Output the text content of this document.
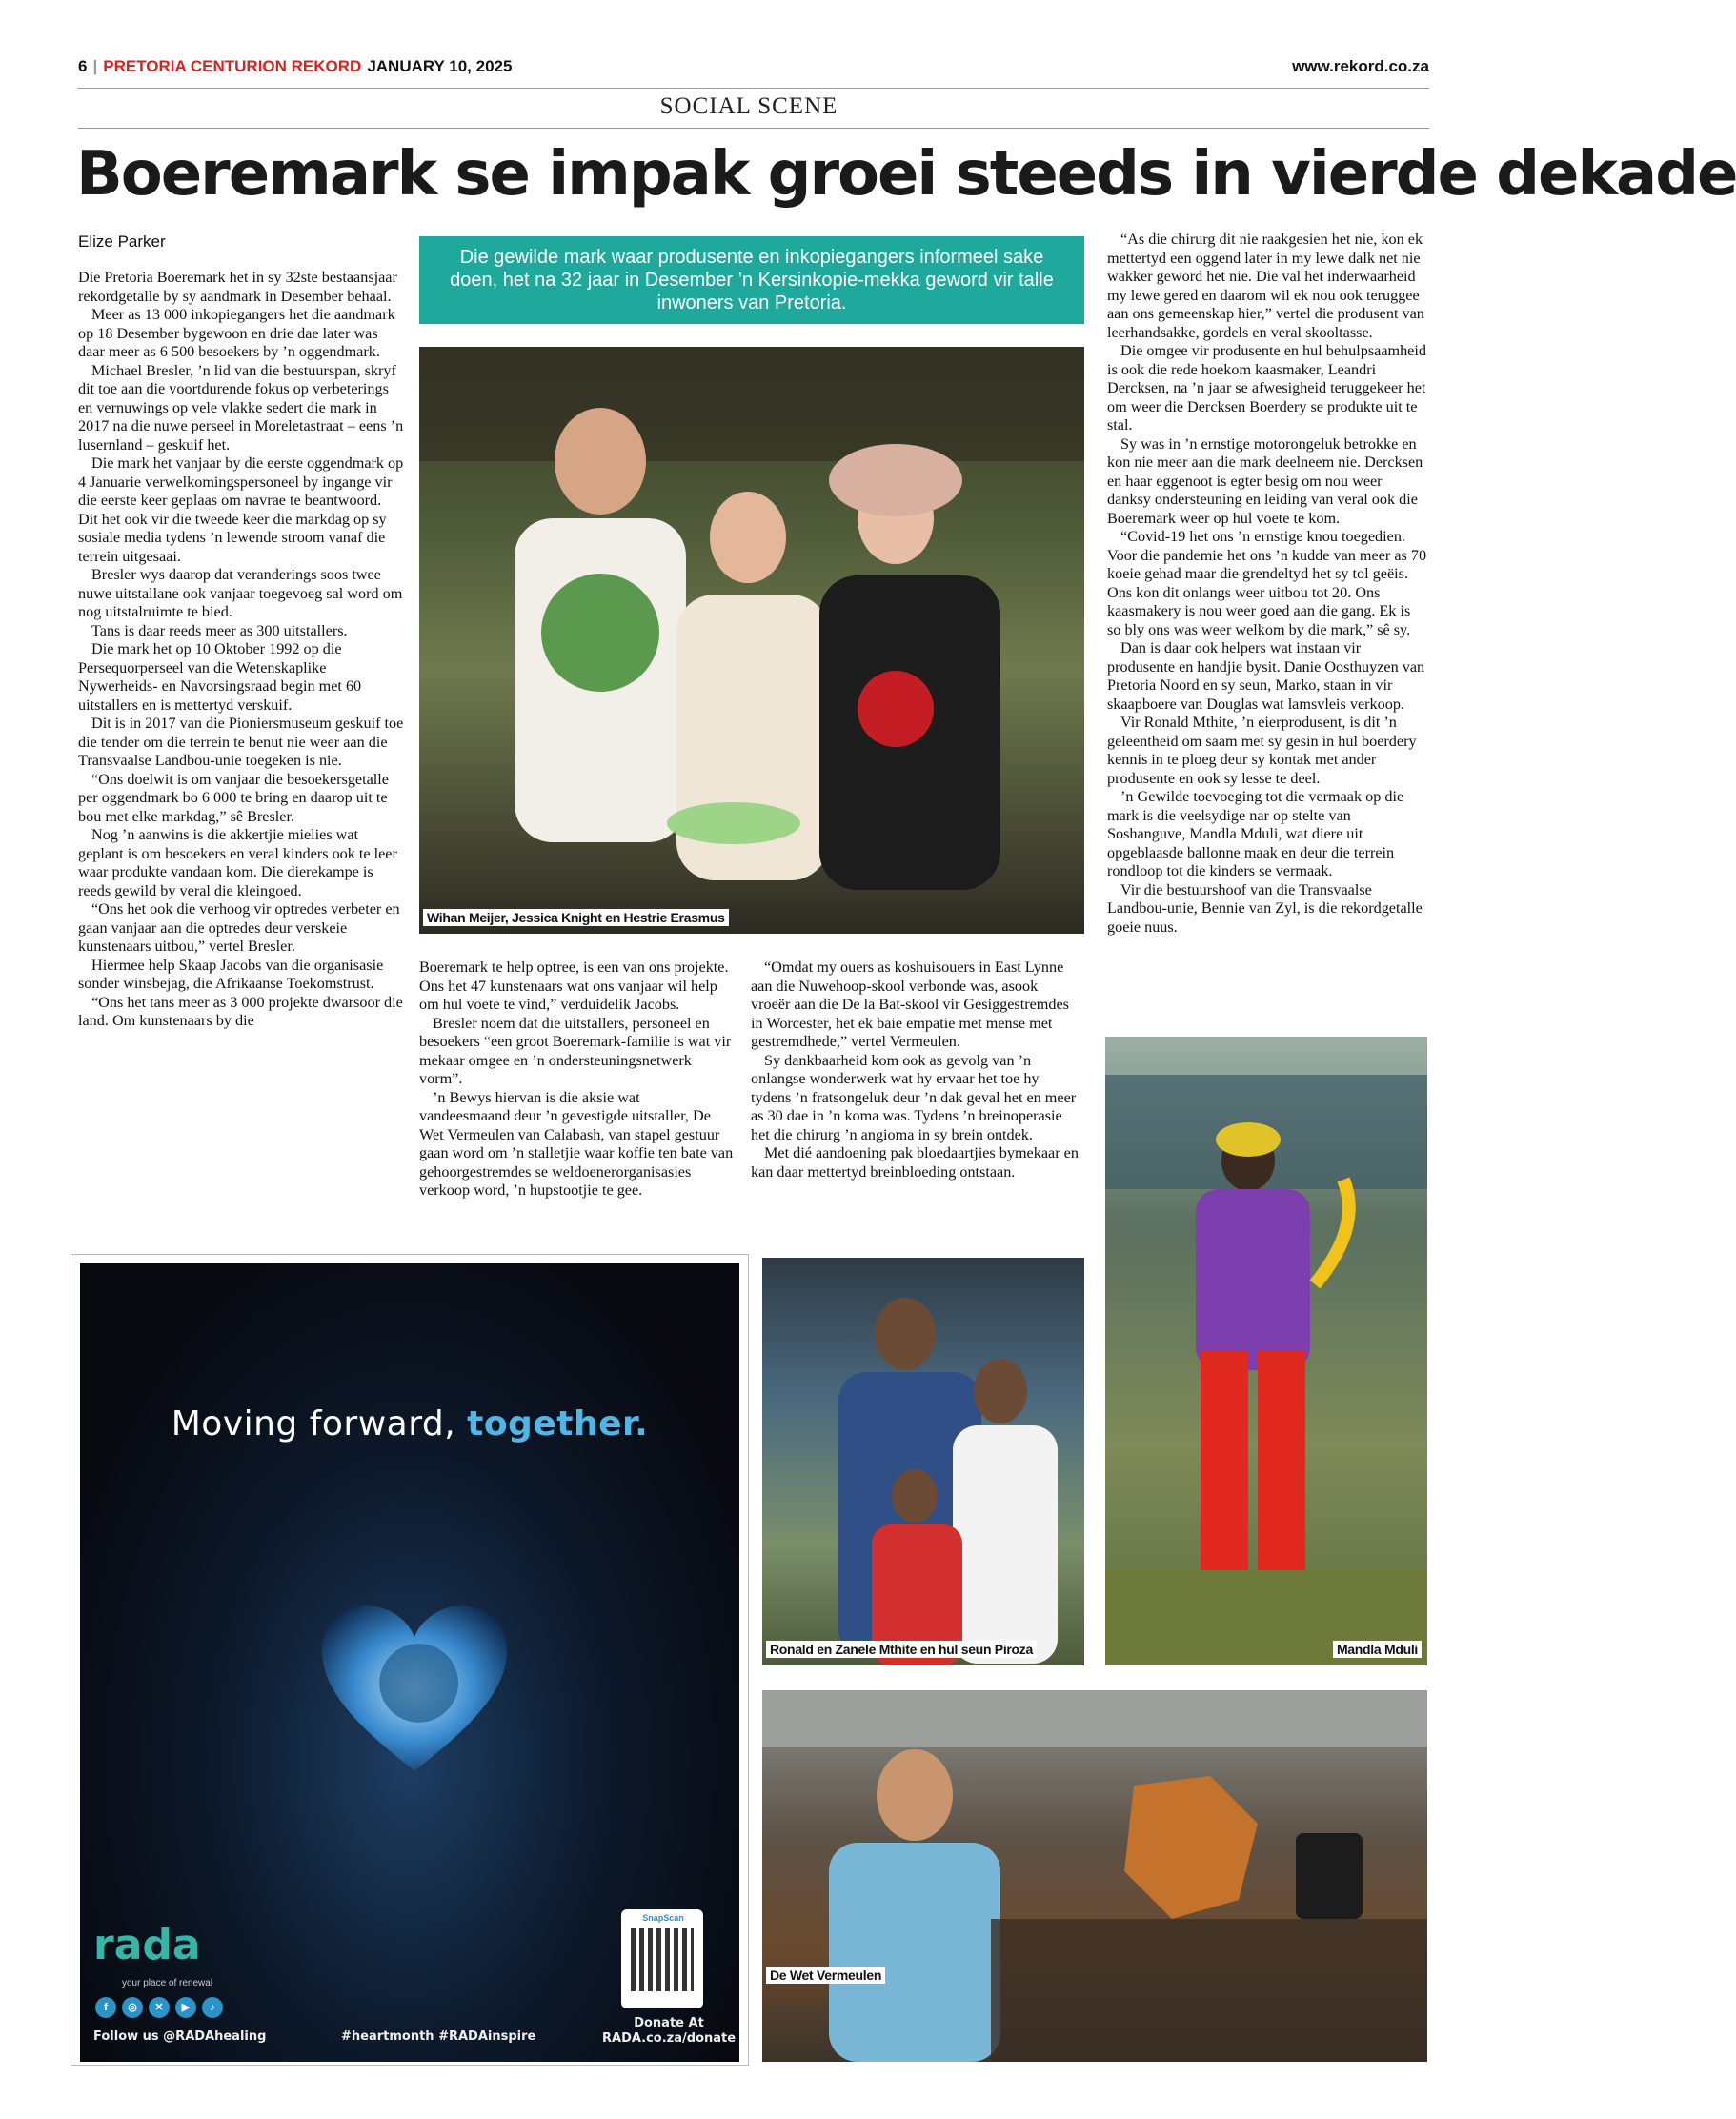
6 | PRETORIA CENTURION REKORD JANUARY 10, 2025	www.rekord.co.za
SOCIAL SCENE
Boeremark se impak groei steeds in vierde dekade
Elize Parker

Die Pretoria Boeremark het in sy 32ste bestaansjaar rekordgetalle by sy aandmark in Desember behaal.

Meer as 13 000 inkopiegangers het die aandmark op 18 Desember bygewoon en drie dae later was daar meer as 6 500 besoekers by ’n oggendmark.

Michael Bresler, ’n lid van die bestuurspan, skryf dit toe aan die voortdurende fokus op verbeterings en vernuwings op vele vlakke sedert die mark in 2017 na die nuwe perseel in Moreletastraat – eens ’n lusernland – geskuif het.

Die mark het vanjaar by die eerste oggendmark op 4 Januarie verwelkomingspersoneel by ingange vir die eerste keer geplaas om navrae te beantwoord. Dit het ook vir die tweede keer die markdag op sy sosiale media tydens ’n lewende stroom vanaf die terrein uitgesaai.

Bresler wys daarop dat veranderings soos twee nuwe uitstallane ook vanjaar toegevoeg sal word om nog uitstalruimte te bied.

Tans is daar reeds meer as 300 uitstallers.

Die mark het op 10 Oktober 1992 op die Persequorperseel van die Wetenskaplike Nywerheids- en Navorsingsraad begin met 60 uitstallers en is mettertyd verskuif.

Dit is in 2017 van die Pioniersmuseum geskuif toe die tender om die terrein te benut nie weer aan die Transvaalse Landbou-unie toegeken is nie.

“Ons doelwit is om vanjaar die besoekersgetalle per oggendmark bo 6 000 te bring en daarop uit te bou met elke markdag,” sê Bresler.

Nog ’n aanwins is die akkertjie mielies wat geplant is om besoekers en veral kinders ook te leer waar produkte vandaan kom. Die dierekampe is reeds gewild by veral die kleingoed.

“Ons het ook die verhoog vir optredes verbeter en gaan vanjaar aan die optredes deur verskeie kunstenaars uitbou,” vertel Bresler.

Hiermee help Skaap Jacobs van die organisasie sonder winsbejag, die Afrikaanse Toekomstrust.

“Ons het tans meer as 3 000 projekte dwarsoor die land. Om kunstenaars by die

Die gewilde mark waar produsente en inkopiegangers informeel sake doen, het na 32 jaar in Desember ’n Kersinkopie-mekka geword vir talle inwoners van Pretoria.
Wihan Meijer, Jessica Knight en Hestrie Erasmus

Boeremark te help optree, is een van ons projekte. Ons het 47 kunstenaars wat ons vanjaar wil help om hul voete te vind,” verduidelik Jacobs.

Bresler noem dat die uitstallers, personeel en besoekers “een groot Boeremark-familie is wat vir mekaar omgee en ’n ondersteuningsnetwerk vorm”.

’n Bewys hiervan is die aksie wat vandeesmaand deur ’n gevestigde uitstaller, De Wet Vermeulen van Calabash, van stapel gestuur gaan word om ’n stalletjie waar koffie ten bate van gehoorgestremdes se weldoenerorganisasies verkoop word, ’n hupstootjie te gee.

“Omdat my ouers as koshuisouers in East Lynne aan die Nuwehoop-skool verbonde was, asook vroeër aan die De la Bat-skool vir Gesiggestremdes in Worcester, het ek baie empatie met mense met gestremdhede,” vertel Vermeulen.

Sy dankbaarheid kom ook as gevolg van ’n onlangse wonderwerk wat hy ervaar het toe hy tydens ’n fratsongeluk deur ’n dak geval het en meer as 30 dae in ’n koma was. Tydens ’n breinoperasie het die chirurg ’n angioma in sy brein ontdek.

Met dié aandoening pak bloedaartjies bymekaar en kan daar mettertyd breinbloeding ontstaan.

“As die chirurg dit nie raakgesien het nie, kon ek mettertyd een oggend later in my lewe dalk net nie wakker geword het nie. Die val het inderwaarheid my lewe gered en daarom wil ek nou ook teruggee aan ons gemeenskap hier,” vertel die produsent van leerhandsakke, gordels en veral skooltasse.

Die omgee vir produsente en hul behulpsaamheid is ook die rede hoekom kaasmaker, Leandri Dercksen, na ’n jaar se afwesigheid teruggekeer het om weer die Dercksen Boerdery se produkte uit te stal.

Sy was in ’n ernstige motorongeluk betrokke en kon nie meer aan die mark deelneem nie. Dercksen en haar eggenoot is egter besig om nou weer danksy ondersteuning en leiding van veral ook die Boeremark weer op hul voete te kom.

“Covid-19 het ons ’n ernstige knou toegedien. Voor die pandemie het ons ’n kudde van meer as 70 koeie gehad maar die grendeltyd het sy tol geëis. Ons kon dit onlangs weer uitbou tot 20. Ons kaasmakery is nou weer goed aan die gang. Ek is so bly ons was weer welkom by die mark,” sê sy.

Dan is daar ook helpers wat instaan vir produsente en handjie bysit. Danie Oosthuyzen van Pretoria Noord en sy seun, Marko, staan in vir skaapboere van Douglas wat lamsvleis verkoop.

Vir Ronald Mthite, ’n eierprodusent, is dit ’n geleentheid om saam met sy gesin in hul boerdery kennis in te ploeg deur sy kontak met ander produsente en ook sy lesse te deel.

’n Gewilde toevoeging tot die vermaak op die mark is die veelsydige nar op stelte van Soshanguve, Mandla Mduli, wat diere uit opgeblaasde ballonne maak en deur die terrein rondloop tot die kinders se vermaak.

Vir die bestuurshoof van die Transvaalse Landbou-unie, Bennie van Zyl, is die rekordgetalle goeie nuus.

Ronald en Zanele Mthite en hul seun Piroza	Mandla Mduli
De Wet Vermeulen
Moving forward, together.
rada
your place of renewal
f	◎	✕	▶	♪
Follow us @RADAhealing	#heartmonth #RADAinspire
SnapScan
Donate At
RADA.co.za/donate
